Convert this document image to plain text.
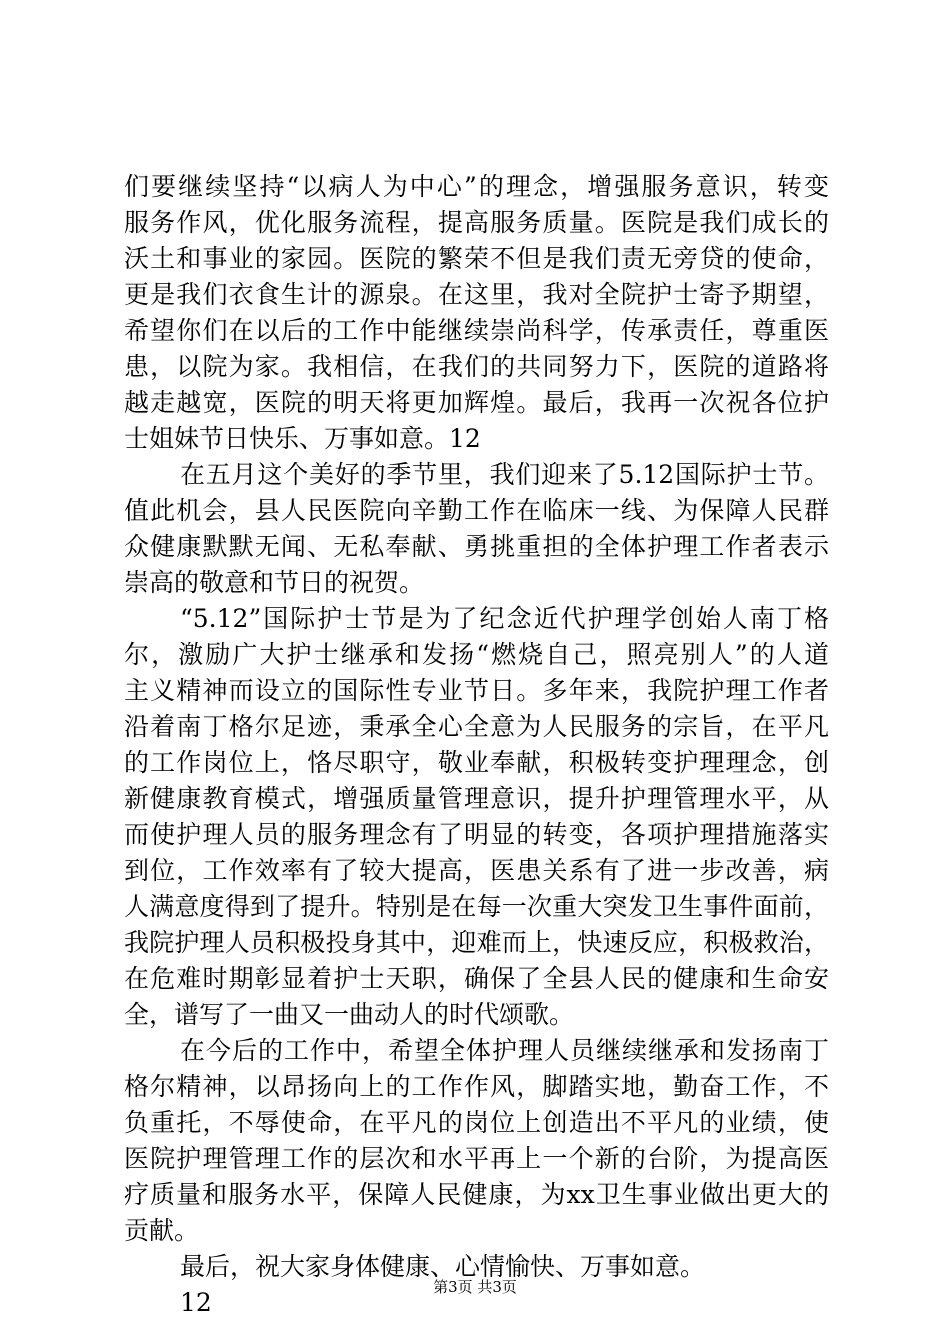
们要继续坚持“以病人为中心”的理念，增强服务意识，转变
服务作风，优化服务流程，提高服务质量。医院是我们成长的
沃土和事业的家园。医院的繁荣不但是我们责无旁贷的使命，
更是我们衣食生计的源泉。在这里，我对全院护士寄予期望，
希望你们在以后的工作中能继续崇尚科学，传承责任，尊重医
患，以院为家。我相信，在我们的共同努力下，医院的道路将
越走越宽，医院的明天将更加辉煌。最后，我再一次祝各位护
士姐妹节日快乐、万事如意。12
在五月这个美好的季节里，我们迎来了5.12国际护士节。
值此机会，县人民医院向辛勤工作在临床一线、为保障人民群
众健康默默无闻、无私奉献、勇挑重担的全体护理工作者表示
崇高的敬意和节日的祝贺。
“5.12”国际护士节是为了纪念近代护理学创始人南丁格
尔，激励广大护士继承和发扬“燃烧自己，照亮别人”的人道
主义精神而设立的国际性专业节日。多年来，我院护理工作者
沿着南丁格尔足迹，秉承全心全意为人民服务的宗旨，在平凡
的工作岗位上，恪尽职守，敬业奉献，积极转变护理理念，创
新健康教育模式，增强质量管理意识，提升护理管理水平，从
而使护理人员的服务理念有了明显的转变，各项护理措施落实
到位，工作效率有了较大提高，医患关系有了进一步改善，病
人满意度得到了提升。特别是在每一次重大突发卫生事件面前，
我院护理人员积极投身其中，迎难而上，快速反应，积极救治，
在危难时期彰显着护士天职，确保了全县人民的健康和生命安
全，谱写了一曲又一曲动人的时代颂歌。
在今后的工作中，希望全体护理人员继续继承和发扬南丁
格尔精神，以昂扬向上的工作作风，脚踏实地，勤奋工作，不
负重托，不辱使命，在平凡的岗位上创造出不平凡的业绩，使
医院护理管理工作的层次和水平再上一个新的台阶，为提高医
疗质量和服务水平，保障人民健康，为xx卫生事业做出更大的
贡献。
最后，祝大家身体健康、心情愉快、万事如意。
12
第3页 共3页
